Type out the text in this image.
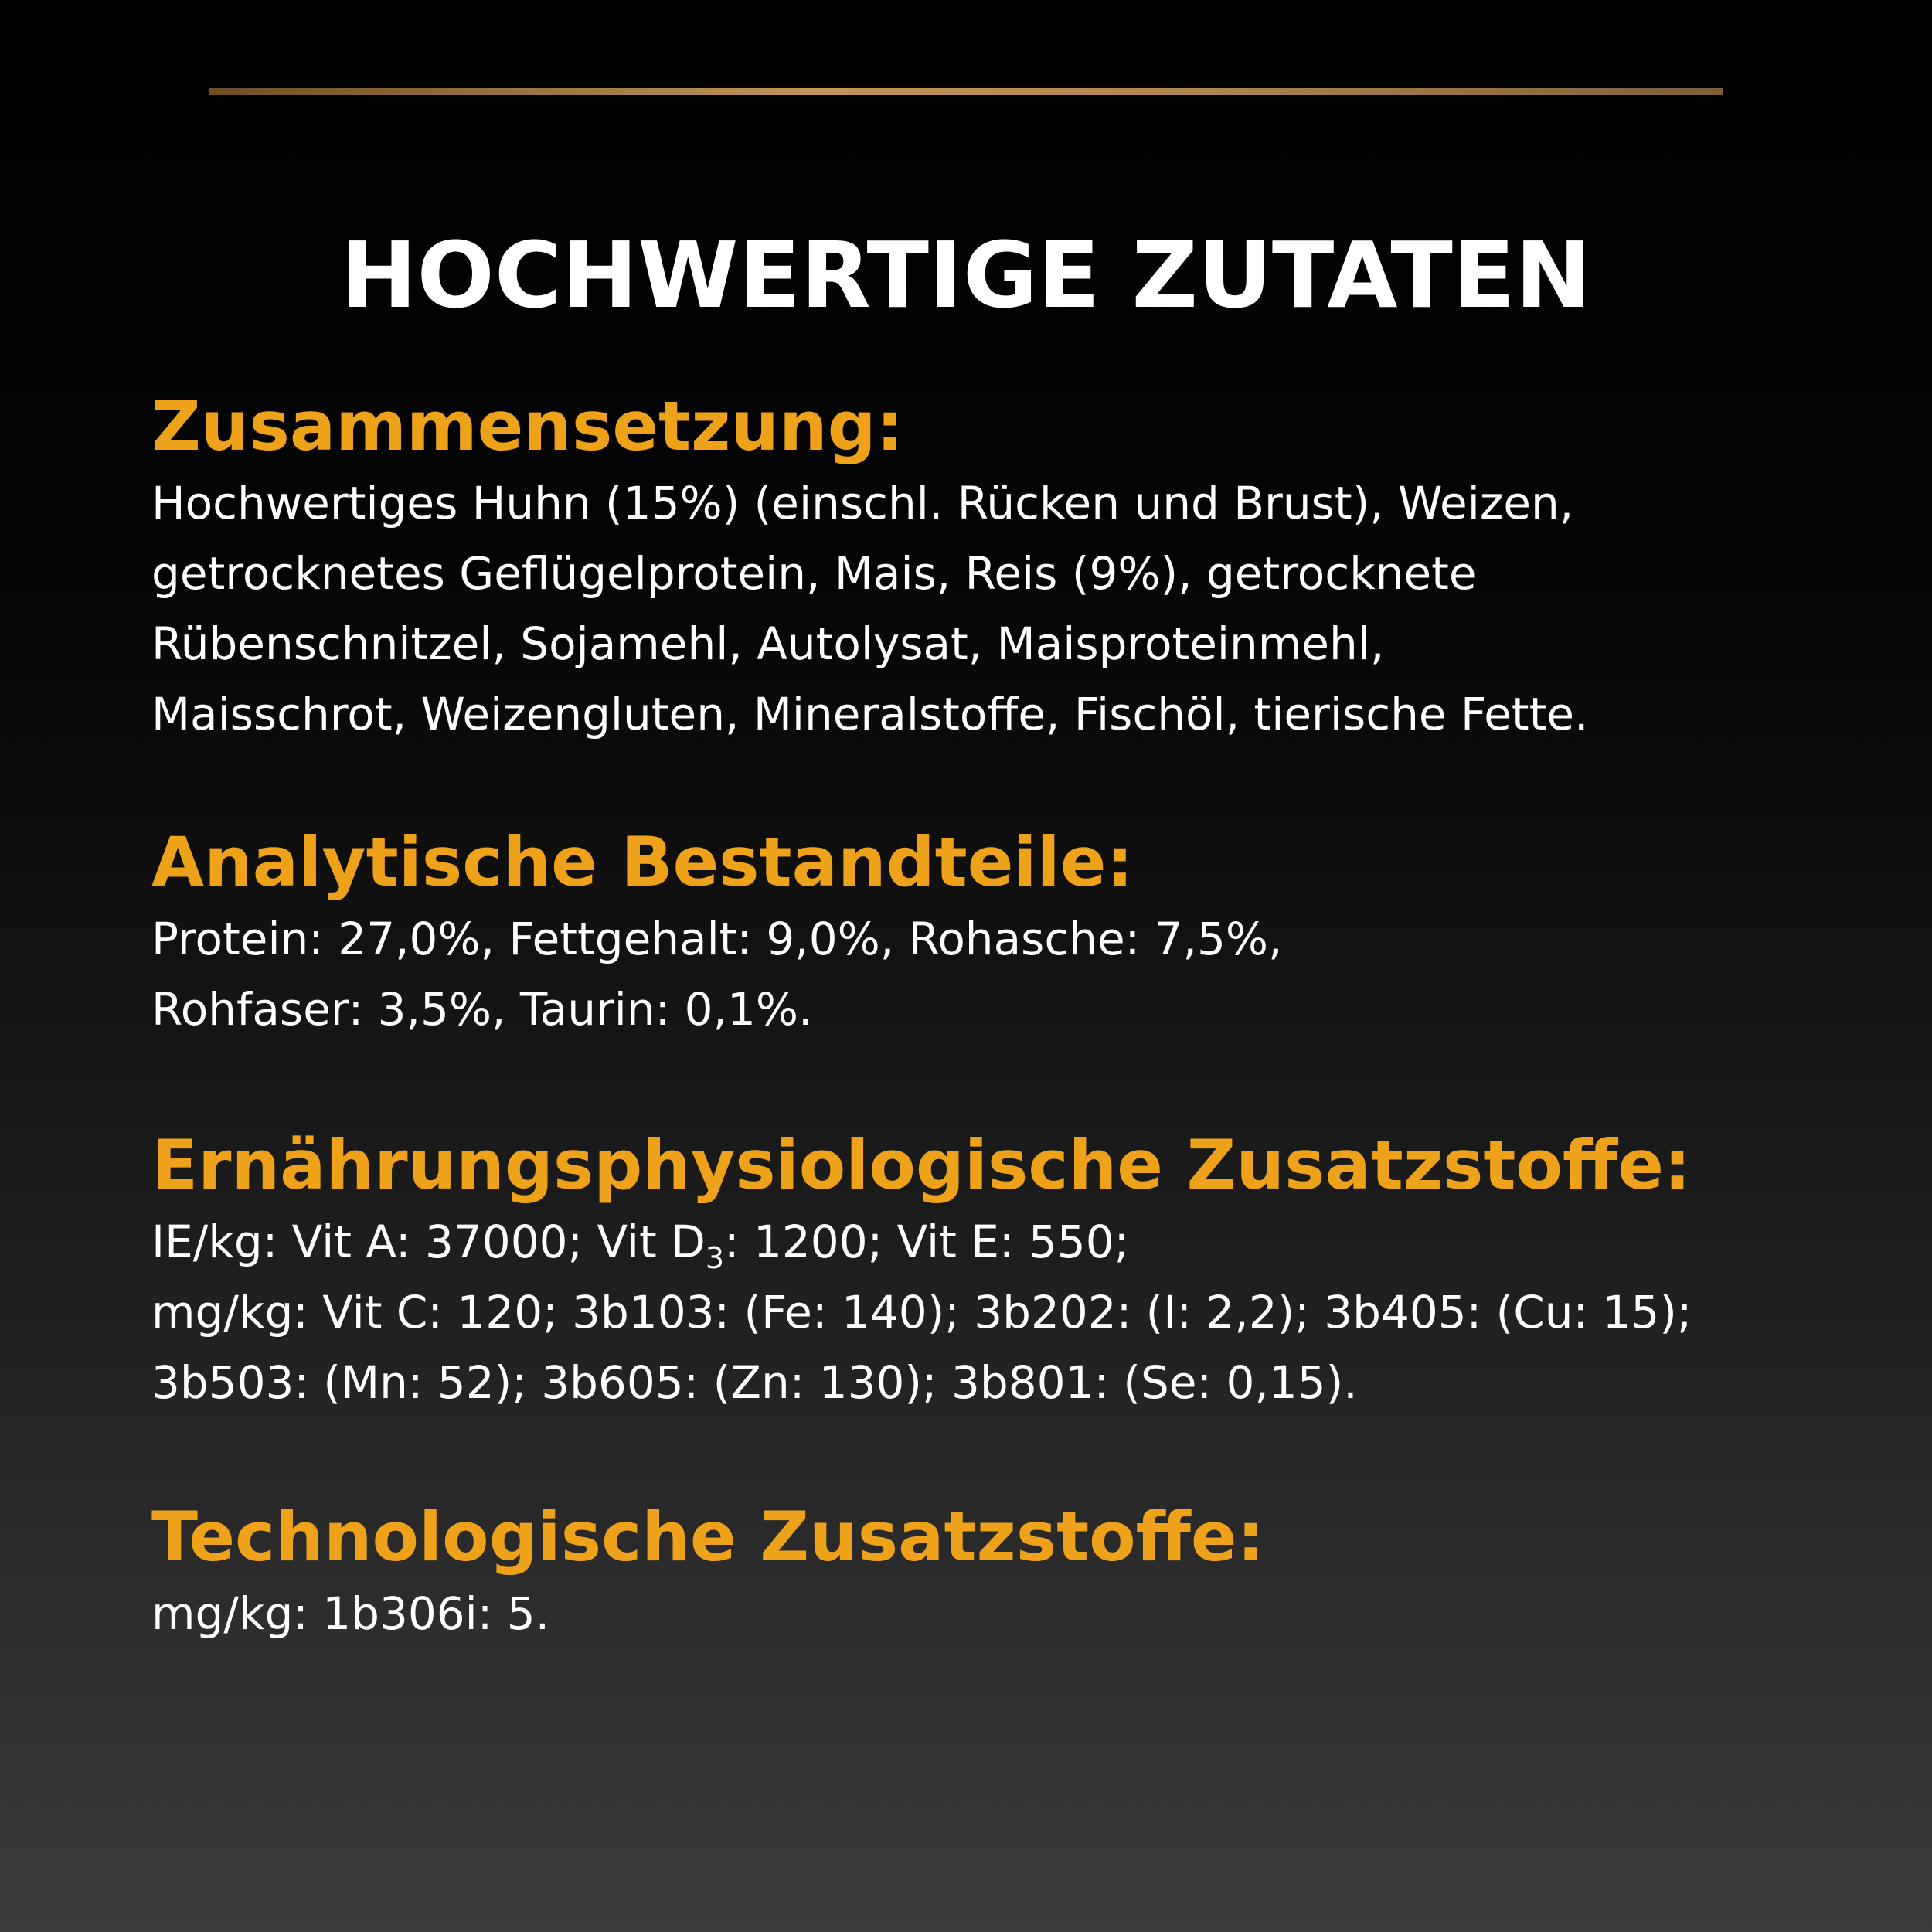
HOCHWERTIGE ZUTATEN
Zusammensetzung:

Hochwertiges Huhn (15%) (einschl. Rücken und Brust), Weizen,
getrocknetes Geflügelprotein, Mais, Reis (9%), getrocknete
Rübenschnitzel, Sojamehl, Autolysat, Maisproteinmehl,
Maisschrot, Weizengluten, Mineralstoffe, Fischöl, tierische Fette.

Analytische Bestandteile:

Protein: 27,0%, Fettgehalt: 9,0%, Rohasche: 7,5%,
Rohfaser: 3,5%, Taurin: 0,1%.

Ernährungsphysiologische Zusatzstoffe:

IE/kg: Vit A: 37000; Vit $D_3$: 1200; Vit E: 550;
mg/kg: Vit C: 120; 3b103: (Fe: 140); 3b202: (I: 2,2); 3b405: (Cu: 15);
3b503: (Mn: 52); 3b605: (Zn: 130); 3b801: (Se: 0,15).

Technologische Zusatzstoffe:

mg/kg: 1b306i: 5.
